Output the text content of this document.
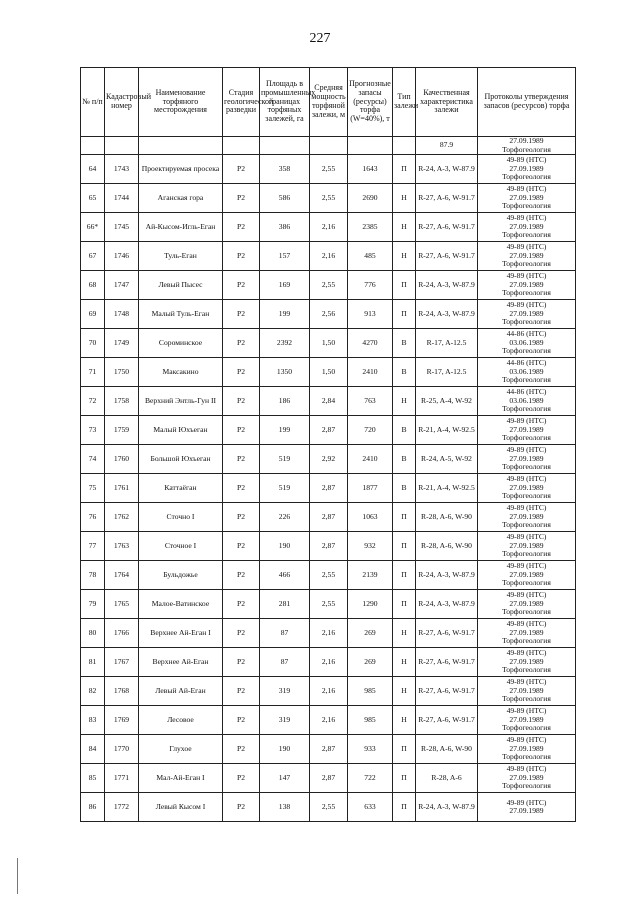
227
№ п/п	Кадастровый номер	Наименование торфяного месторождения	Стадия геологической разведки	Площадь в промышленных границах торфяных залежей, га	Средняя мощность торфяной залежи, м	Прогнозные запасы (ресурсы) торфа (W=40%), т	Тип залежи	Качественная характеристика залежи	Протоколы утверждения запасов (ресурсов) торфа
								87.9	27.09.1989
Торфогеология

64	1743	Проектируемая просека	Р2	358	2,55	1643	П	R-24, A-3, W-87.9	49-89 (НТС)
27.09.1989
Торфогеология

65	1744	Аганская гора	Р2	586	2,55	2690	Н	R-27, A-6, W-91.7	49-89 (НТС)
27.09.1989
Торфогеология

66*	1745	Ай-Кысом-Игль-Еган	Р2	386	2,16	2385	Н	R-27, A-6, W-91.7	49-89 (НТС)
27.09.1989
Торфогеология

67	1746	Туль-Еган	Р2	157	2,16	485	Н	R-27, A-6, W-91.7	49-89 (НТС)
27.09.1989
Торфогеология

68	1747	Левый Пысес	Р2	169	2,55	776	П	R-24, A-3, W-87.9	49-89 (НТС)
27.09.1989
Торфогеология

69	1748	Малый Туль-Еган	Р2	199	2,56	913	П	R-24, A-3, W-87.9	49-89 (НТС)
27.09.1989
Торфогеология

70	1749	Сороминское	Р2	2392	1,50	4270	В	R-17, A-12.5	44-86 (НТС)
03.06.1989
Торфогеология

71	1750	Максакино	Р2	1350	1,50	2410	В	R-17, A-12.5	44-86 (НТС)
03.06.1989
Торфогеология

72	1758	Верхний Энтль-Гун II	Р2	186	2,84	763	Н	R-25, A-4, W-92	44-86 (НТС)
03.06.1989
Торфогеология

73	1759	Малый Юхъеган	Р2	199	2,87	720	В	R-21, A-4, W-92.5	49-89 (НТС)
27.09.1989
Торфогеология

74	1760	Большой Юхъеган	Р2	519	2,92	2410	В	R-24, A-5, W-92	49-89 (НТС)
27.09.1989
Торфогеология

75	1761	Каттаёган	Р2	519	2,87	1877	В	R-21, A-4, W-92.5	49-89 (НТС)
27.09.1989
Торфогеология

76	1762	Сточно I	Р2	226	2,87	1063	П	R-28, A-6, W-90	49-89 (НТС)
27.09.1989
Торфогеология

77	1763	Сточное I	Р2	190	2,87	932	П	R-28, A-6, W-90	49-89 (НТС)
27.09.1989
Торфогеология

78	1764	Бульдожье	Р2	466	2,55	2139	П	R-24, A-3, W-87.9	49-89 (НТС)
27.09.1989
Торфогеология

79	1765	Малое-Ватинское	Р2	281	2,55	1290	П	R-24, A-3, W-87.9	49-89 (НТС)
27.09.1989
Торфогеология

80	1766	Верхнее Ай-Еган I	Р2	87	2,16	269	Н	R-27, A-6, W-91.7	49-89 (НТС)
27.09.1989
Торфогеология

81	1767	Верхнее Ай-Еган	Р2	87	2,16	269	Н	R-27, A-6, W-91.7	49-89 (НТС)
27.09.1989
Торфогеология

82	1768	Левый Ай-Еган	Р2	319	2,16	985	Н	R-27, A-6, W-91.7	49-89 (НТС)
27.09.1989
Торфогеология

83	1769	Лесовое	Р2	319	2,16	985	Н	R-27, A-6, W-91.7	49-89 (НТС)
27.09.1989
Торфогеология

84	1770	Глухое	Р2	190	2,87	933	П	R-28, A-6, W-90	49-89 (НТС)
27.09.1989
Торфогеология

85	1771	Мал-Ай-Еган I	Р2	147	2,87	722	П	R-28, A-6	49-89 (НТС)
27.09.1989
Торфогеология

86	1772	Левый Кысом I	Р2	138	2,55	633	П	R-24, A-3, W-87.9	49-89 (НТС)
27.09.1989
